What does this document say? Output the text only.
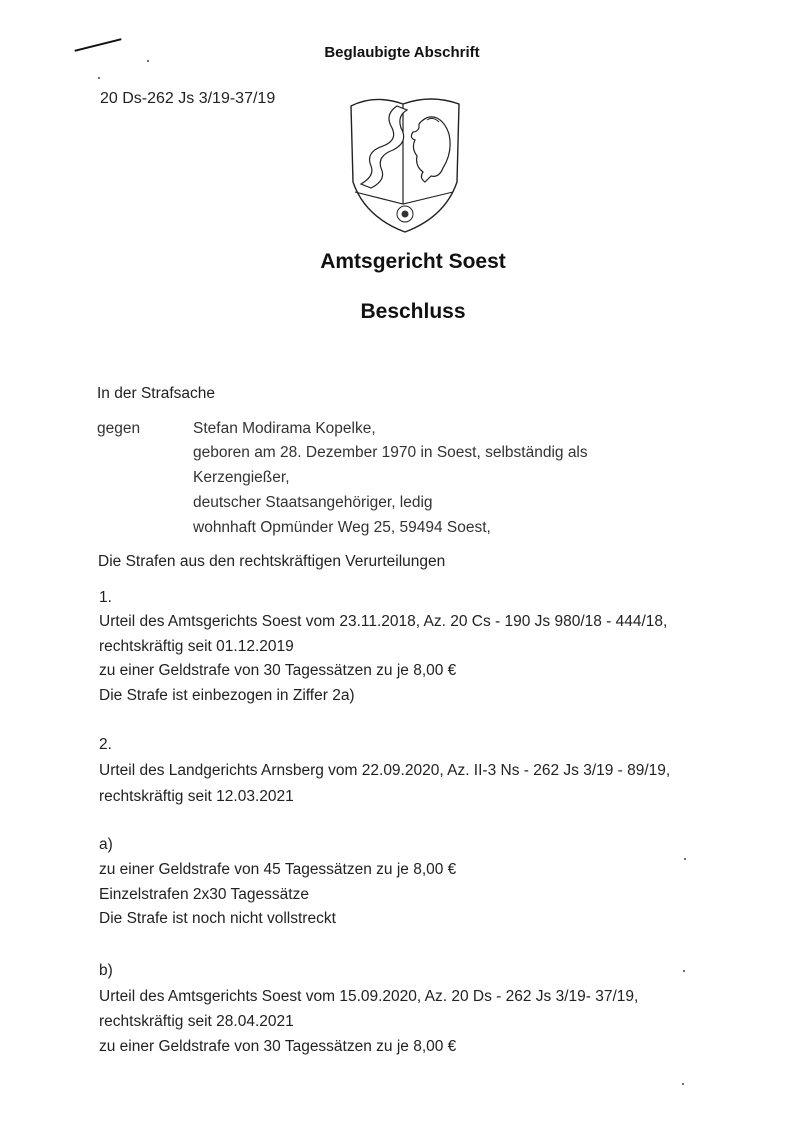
Beglaubigte Abschrift
20 Ds-262 Js 3/19-37/19
Amtsgericht Soest
Beschluss
In der Strafsache
gegen	Stefan Modirama Kopelke,
geboren am 28. Dezember 1970 in Soest, selbständig als
Kerzengießer,
deutscher Staatsangehöriger, ledig
wohnhaft Opmünder Weg 25, 59494 Soest,
Die Strafen aus den rechtskräftigen Verurteilungen
1.
Urteil des Amtsgerichts Soest vom 23.11.2018, Az. 20 Cs - 190 Js 980/18 - 444/18,
rechtskräftig seit 01.12.2019
zu einer Geldstrafe von 30 Tagessätzen zu je 8,00 €
Die Strafe ist einbezogen in Ziffer 2a)
2.
Urteil des Landgerichts Arnsberg vom 22.09.2020, Az. II-3 Ns - 262 Js 3/19 - 89/19,
rechtskräftig seit 12.03.2021
a)
zu einer Geldstrafe von 45 Tagessätzen zu je 8,00 €
Einzelstrafen 2x30 Tagessätze
Die Strafe ist noch nicht vollstreckt
b)
Urteil des Amtsgerichts Soest vom 15.09.2020, Az. 20 Ds - 262 Js 3/19- 37/19,
rechtskräftig seit 28.04.2021
zu einer Geldstrafe von 30 Tagessätzen zu je 8,00 €
